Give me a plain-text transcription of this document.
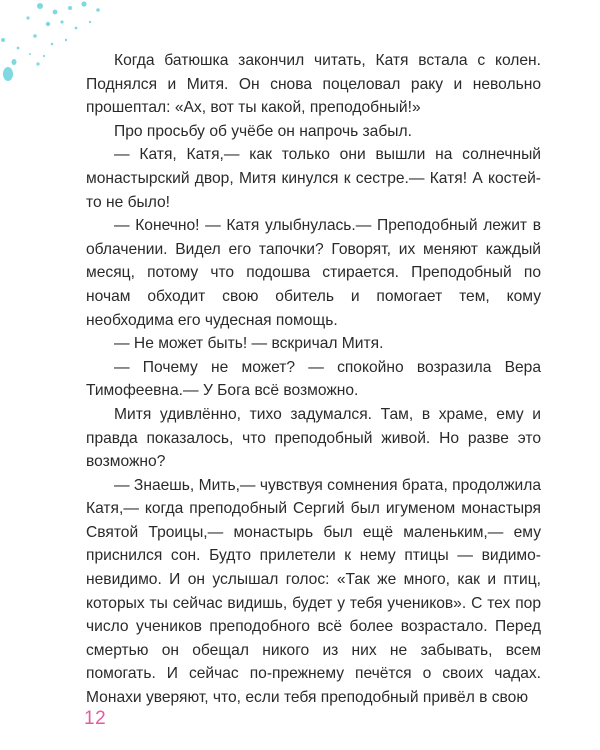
Когда батюшка закончил читать, Катя встала с колен. Поднялся и Митя. Он снова поцеловал раку и невольно прошептал: «Ах, вот ты какой, преподобный!»

Про просьбу об учёбе он напрочь забыл.

— Катя, Катя,— как только они вышли на солнечный монастырский двор, Митя кинулся к сестре.— Катя! А костей-то не было!

— Конечно! — Катя улыбнулась.— Преподобный лежит в облачении. Видел его тапочки? Говорят, их меняют каждый месяц, потому что подошва стирается. Преподобный по ночам обходит свою обитель и помогает тем, кому необходима его чудесная помощь.

— Не может быть! — вскричал Митя.

— Почему не может? — спокойно возразила Вера Тимофеевна.— У Бога всё возможно.

Митя удивлённо, тихо задумался. Там, в храме, ему и правда показалось, что преподобный живой. Но разве это возможно?

— Знаешь, Мить,— чувствуя сомнения брата, продолжила Катя,— когда преподобный Сергий был игуменом монастыря Святой Троицы,— монастырь был ещё маленьким,— ему приснился сон. Будто прилетели к нему птицы — видимо-невидимо. И он услышал голос: «Так же много, как и птиц, которых ты сейчас видишь, будет у тебя учеников». С тех пор число учеников преподобного всё более возрастало. Перед смертью он обещал никого из них не забывать, всем помогать. И сейчас по-прежнему печётся о своих чадах. Монахи уверяют, что, если тебя преподобный привёл в свою

12
